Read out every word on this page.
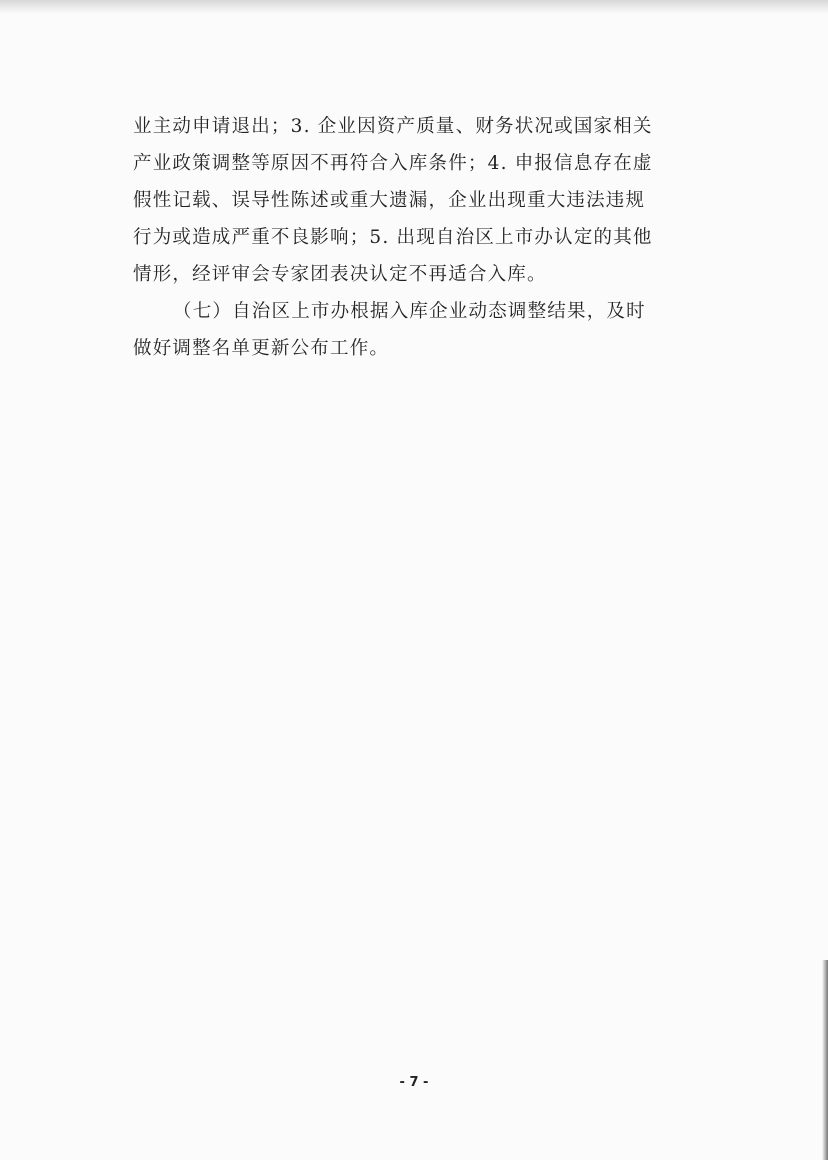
业主动申请退出；3. 企业因资产质量、财务状况或国家相关
产业政策调整等原因不再符合入库条件；4. 申报信息存在虚
假性记载、误导性陈述或重大遗漏，企业出现重大违法违规
行为或造成严重不良影响；5. 出现自治区上市办认定的其他
情形，经评审会专家团表决认定不再适合入库。
（七）自治区上市办根据入库企业动态调整结果，及时
做好调整名单更新公布工作。
- 7 -
